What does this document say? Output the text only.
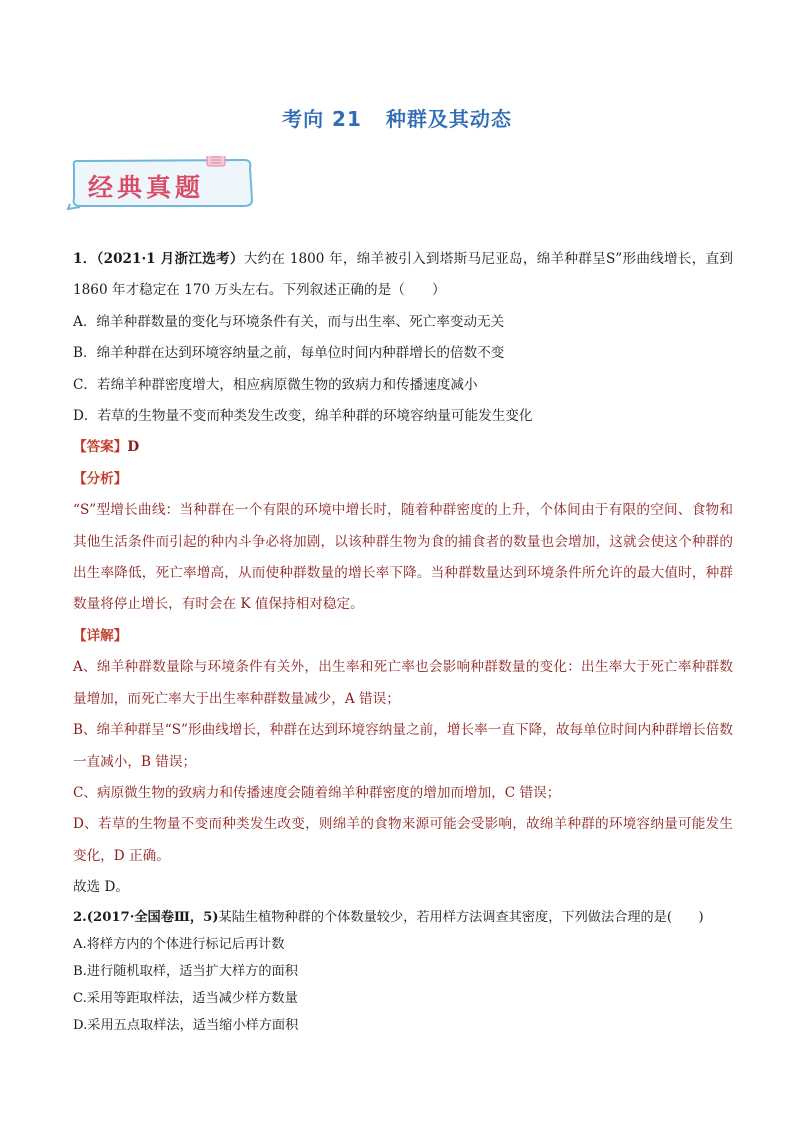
考向 21 种群及其动态
经典真题

1．（2021·1 月浙江选考）大约在 1800 年，绵羊被引入到塔斯马尼亚岛，绵羊种群呈S”形曲线增长，直到 1860 年才稳定在 170 万头左右。下列叙述正确的是（　　）

A．绵羊种群数量的变化与环境条件有关，而与出生率、死亡率变动无关

B．绵羊种群在达到环境容纳量之前，每单位时间内种群增长的倍数不变

C．若绵羊种群密度增大，相应病原微生物的致病力和传播速度减小

D．若草的生物量不变而种类发生改变，绵羊种群的环境容纳量可能发生变化

【答案】D

【分析】

“S”型增长曲线：当种群在一个有限的环境中增长时，随着种群密度的上升，个体间由于有限的空间、食物和其他生活条件而引起的种内斗争必将加剧，以该种群生物为食的捕食者的数量也会增加，这就会使这个种群的出生率降低，死亡率增高，从而使种群数量的增长率下降。当种群数量达到环境条件所允许的最大值时，种群数量将停止增长，有时会在 K 值保持相对稳定。

【详解】

A、绵羊种群数量除与环境条件有关外，出生率和死亡率也会影响种群数量的变化：出生率大于死亡率种群数量增加，而死亡率大于出生率种群数量减少，A 错误；

B、绵羊种群呈“S”形曲线增长，种群在达到环境容纳量之前，增长率一直下降，故每单位时间内种群增长倍数一直减小，B 错误；

C、病原微生物的致病力和传播速度会随着绵羊种群密度的增加而增加，C 错误；

D、若草的生物量不变而种类发生改变，则绵羊的食物来源可能会受影响，故绵羊种群的环境容纳量可能发生变化，D 正确。

故选 D。

2.(2017·全国卷Ⅲ，5)某陆生植物种群的个体数量较少，若用样方法调查其密度，下列做法合理的是(　　)

A.将样方内的个体进行标记后再计数

B.进行随机取样，适当扩大样方的面积

C.采用等距取样法，适当减少样方数量

D.采用五点取样法，适当缩小样方面积
